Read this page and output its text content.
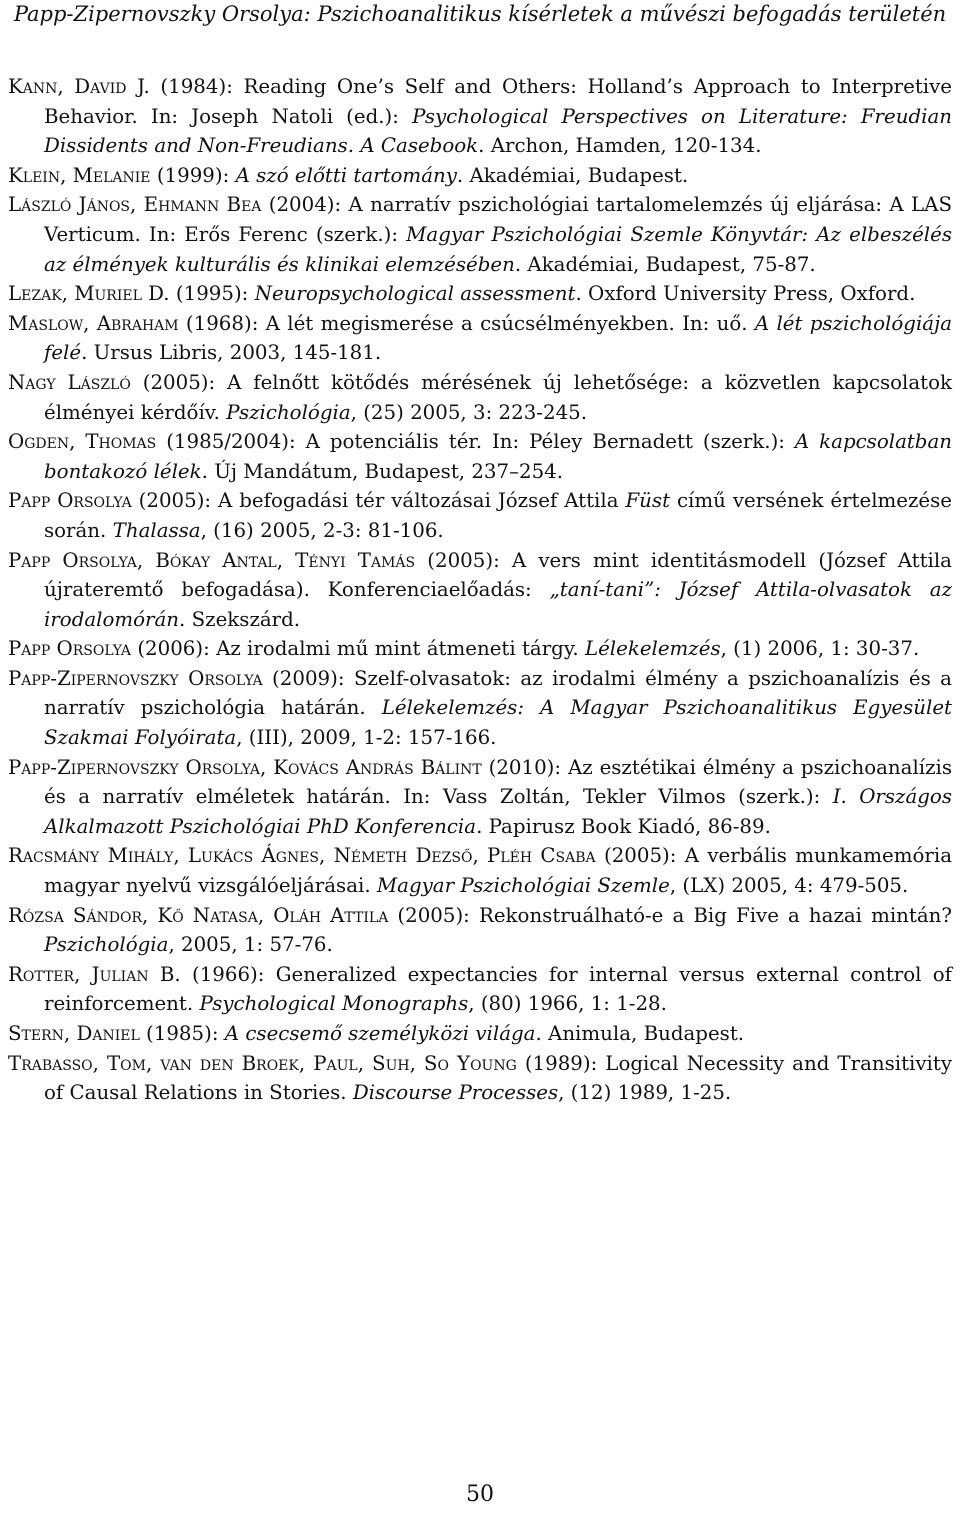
Papp-Zipernovszky Orsolya: Pszichoanalitikus kísérletek a művészi befogadás területén

Kann, David J. (1984): Reading One’s Self and Others: Holland’s Approach to Interpretive Behavior. In: Joseph Natoli (ed.): Psychological Perspectives on Literature: Freudian Dissidents and Non-Freudians. A Casebook. Archon, Hamden, 120-134.

Klein, Melanie (1999): A szó előtti tartomány. Akadémiai, Budapest.

László János, Ehmann Bea (2004): A narratív pszichológiai tartalomelemzés új eljárása: A LAS Verticum. In: Erős Ferenc (szerk.): Magyar Pszichológiai Szemle Könyvtár: Az elbeszélés az élmények kulturális és klinikai elemzésében. Akadémiai, Budapest, 75-87.

Lezak, Muriel D. (1995): Neuropsychological assessment. Oxford University Press, Oxford.

Maslow, Abraham (1968): A lét megismerése a csúcsélményekben. In: uő. A lét pszichológiája felé. Ursus Libris, 2003, 145-181.

Nagy László (2005): A felnőtt kötődés mérésének új lehetősége: a közvetlen kapcsolatok élményei kérdőív. Pszichológia, (25) 2005, 3: 223-245.

Ogden, Thomas (1985/2004): A potenciális tér. In: Péley Bernadett (szerk.): A kapcsolatban bontakozó lélek. Új Mandátum, Budapest, 237–254.

Papp Orsolya (2005): A befogadási tér változásai József Attila Füst című versének értelmezése során. Thalassa, (16) 2005, 2-3: 81-106.

Papp Orsolya, Bókay Antal, Tényi Tamás (2005): A vers mint identitásmodell (József Attila újrateremtő befogadása). Konferenciaelőadás: „taní-tani”: József Attila-olvasatok az irodalomórán. Szekszárd.

Papp Orsolya (2006): Az irodalmi mű mint átmeneti tárgy. Lélekelemzés, (1) 2006, 1: 30-37.

Papp-Zipernovszky Orsolya (2009): Szelf-olvasatok: az irodalmi élmény a pszichoanalízis és a narratív pszichológia határán. Lélekelemzés: A Magyar Pszichoanalitikus Egyesület Szakmai Folyóirata, (III), 2009, 1-2: 157-166.

Papp-Zipernovszky Orsolya, Kovács András Bálint (2010): Az esztétikai élmény a pszichoanalízis és a narratív elméletek határán. In: Vass Zoltán, Tekler Vilmos (szerk.): I. Országos Alkalmazott Pszichológiai PhD Konferencia. Papirusz Book Kiadó, 86-89.

Racsmány Mihály, Lukács Ágnes, Németh Dezső, Pléh Csaba (2005): A verbális munkamemória magyar nyelvű vizsgálóeljárásai. Magyar Pszichológiai Szemle, (LX) 2005, 4: 479-505.

Rózsa Sándor, Kő Natasa, Oláh Attila (2005): Rekonstruálható-e a Big Five a hazai mintán? Pszichológia, 2005, 1: 57-76.

Rotter, Julian B. (1966): Generalized expectancies for internal versus external control of reinforcement. Psychological Monographs, (80) 1966, 1: 1-28.

Stern, Daniel (1985): A csecsemő személyközi világa. Animula, Budapest.

Trabasso, Tom, van den Broek, Paul, Suh, So Young (1989): Logical Necessity and Transitivity of Causal Relations in Stories. Discourse Processes, (12) 1989, 1-25.

50
